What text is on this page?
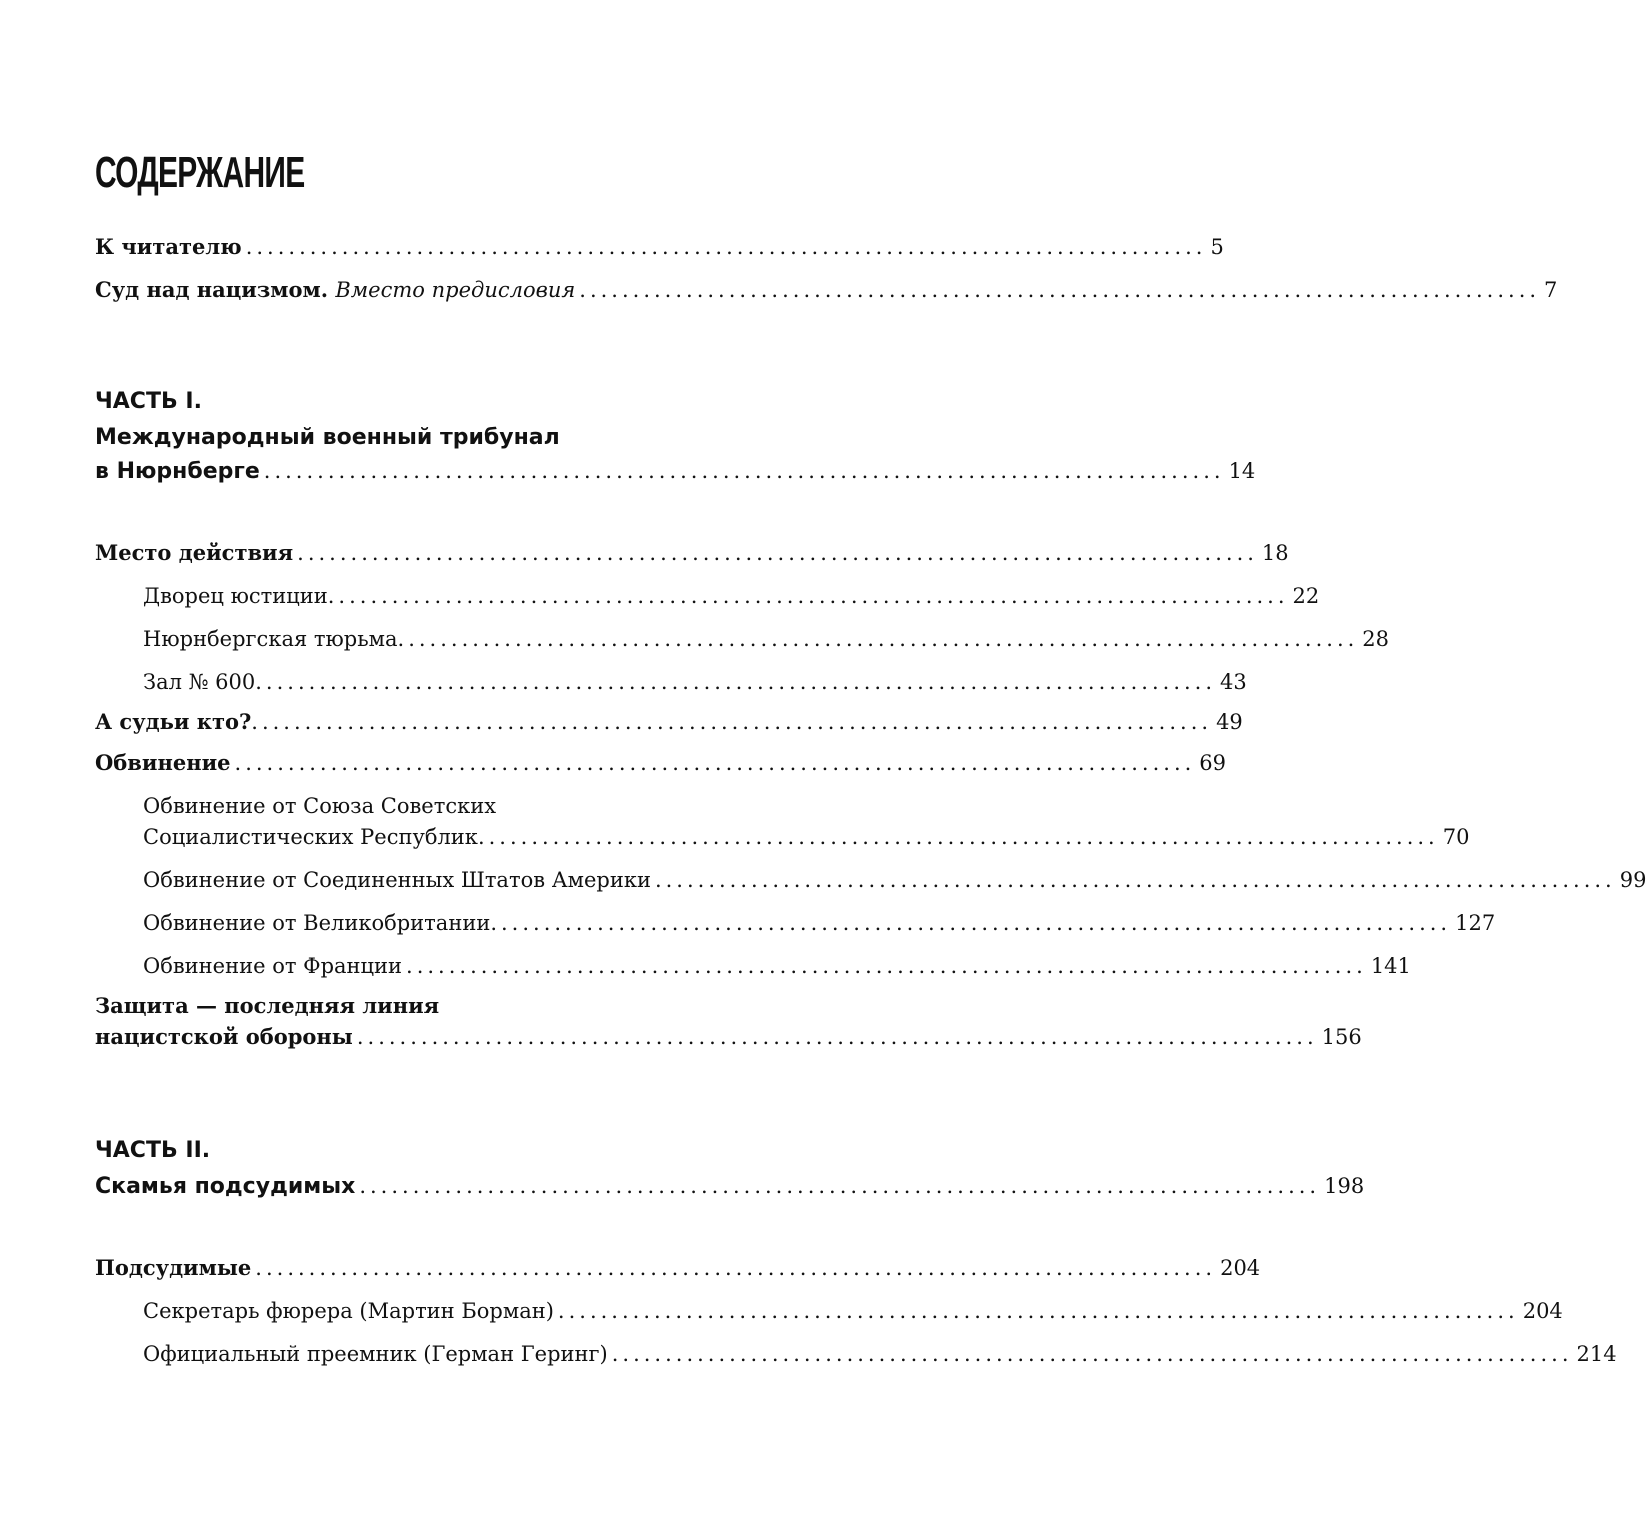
СОДЕРЖАНИЕ
К читателю .......................................................................................... 5
Суд над нацизмом.
Вместо предисловия .......................................................................................... 7
ЧАСТЬ I.
Международный военный трибунал
в Нюрнберге .......................................................................................... 14
Место действия .......................................................................................... 18
Дворец юстиции .......................................................................................... 22
Нюрнбергская тюрьма .......................................................................................... 28
Зал № 600 .......................................................................................... 43
А судьи кто? .......................................................................................... 49
Обвинение .......................................................................................... 69
Обвинение от Союза Советских
Социалистических Республик .......................................................................................... 70
Обвинение от Соединенных Штатов Америки .......................................................................................... 99
Обвинение от Великобритании .......................................................................................... 127
Обвинение от Франции .......................................................................................... 141
Защита — последняя линия
нацистской обороны .......................................................................................... 156
ЧАСТЬ II.
Скамья подсудимых .......................................................................................... 198
Подсудимые .......................................................................................... 204
Секретарь фюрера (Мартин Борман) .......................................................................................... 204
Официальный преемник (Герман Геринг) .......................................................................................... 214
